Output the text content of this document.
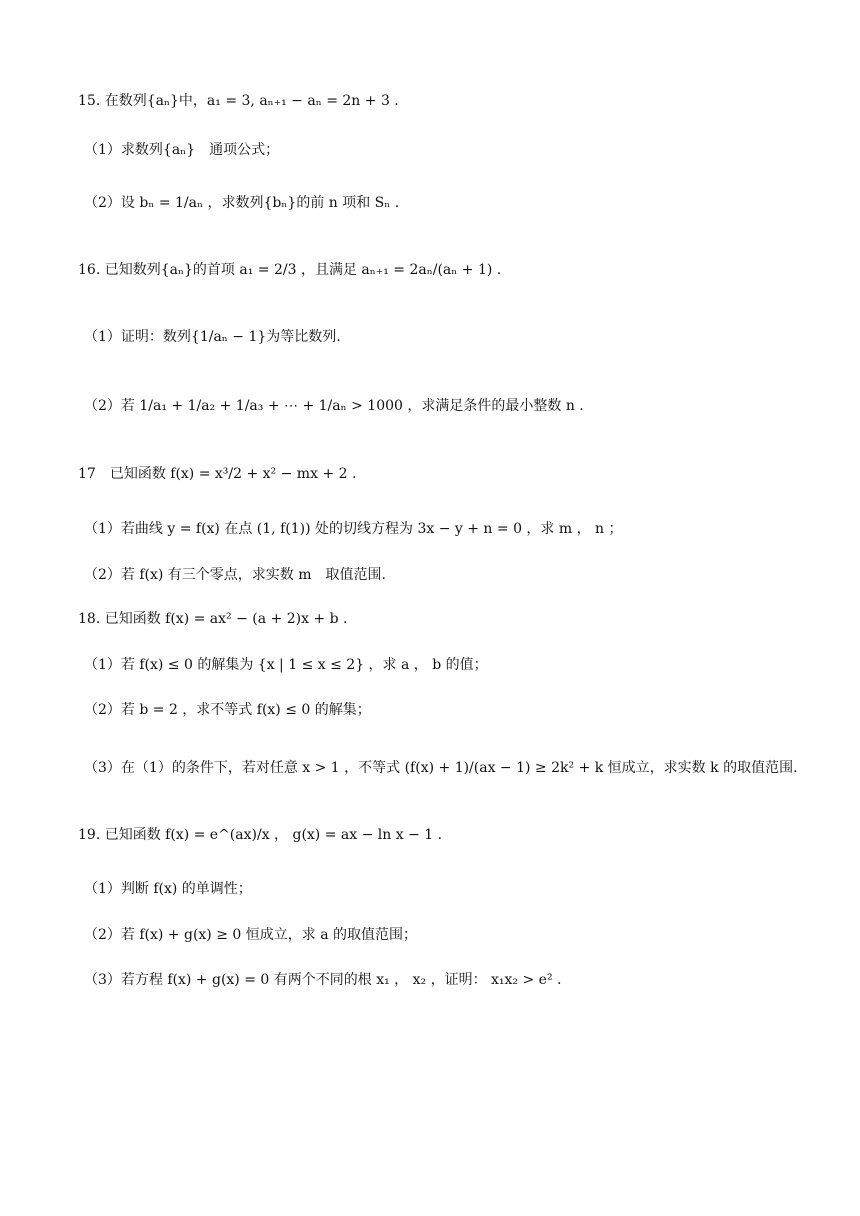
15. 在数列{aₙ}中，a₁ = 3, aₙ₊₁ − aₙ = 2n + 3 .
（1）求数列{aₙ}　通项公式；
（2）设 bₙ = 1/aₙ ，求数列{bₙ}的前 n 项和 Sₙ .
16. 已知数列{aₙ}的首项 a₁ = 2/3 ，且满足 aₙ₊₁ = 2aₙ/(aₙ + 1) .
（1）证明：数列{1/aₙ − 1}为等比数列.
（2）若 1/a₁ + 1/a₂ + 1/a₃ + ⋯ + 1/aₙ > 1000 ，求满足条件的最小整数 n .
17　已知函数 f(x) = x³/2 + x² − mx + 2 .
（1）若曲线 y = f(x) 在点 (1, f(1)) 处的切线方程为 3x − y + n = 0 ，求 m ， n ；
（2）若 f(x) 有三个零点，求实数 m　取值范围.
18. 已知函数 f(x) = ax² − (a + 2)x + b .
（1）若 f(x) ≤ 0 的解集为 {x | 1 ≤ x ≤ 2} ，求 a ， b 的值；
（2）若 b = 2 ，求不等式 f(x) ≤ 0 的解集；
（3）在（1）的条件下，若对任意 x > 1 ，不等式 (f(x) + 1)/(ax − 1) ≥ 2k² + k 恒成立，求实数 k 的取值范围.
19. 已知函数 f(x) = e^(ax)/x ， g(x) = ax − ln x − 1 .
（1）判断 f(x) 的单调性；
（2）若 f(x) + g(x) ≥ 0 恒成立，求 a 的取值范围；
（3）若方程 f(x) + g(x) = 0 有两个不同的根 x₁ ， x₂ ，证明： x₁x₂ > e² .
